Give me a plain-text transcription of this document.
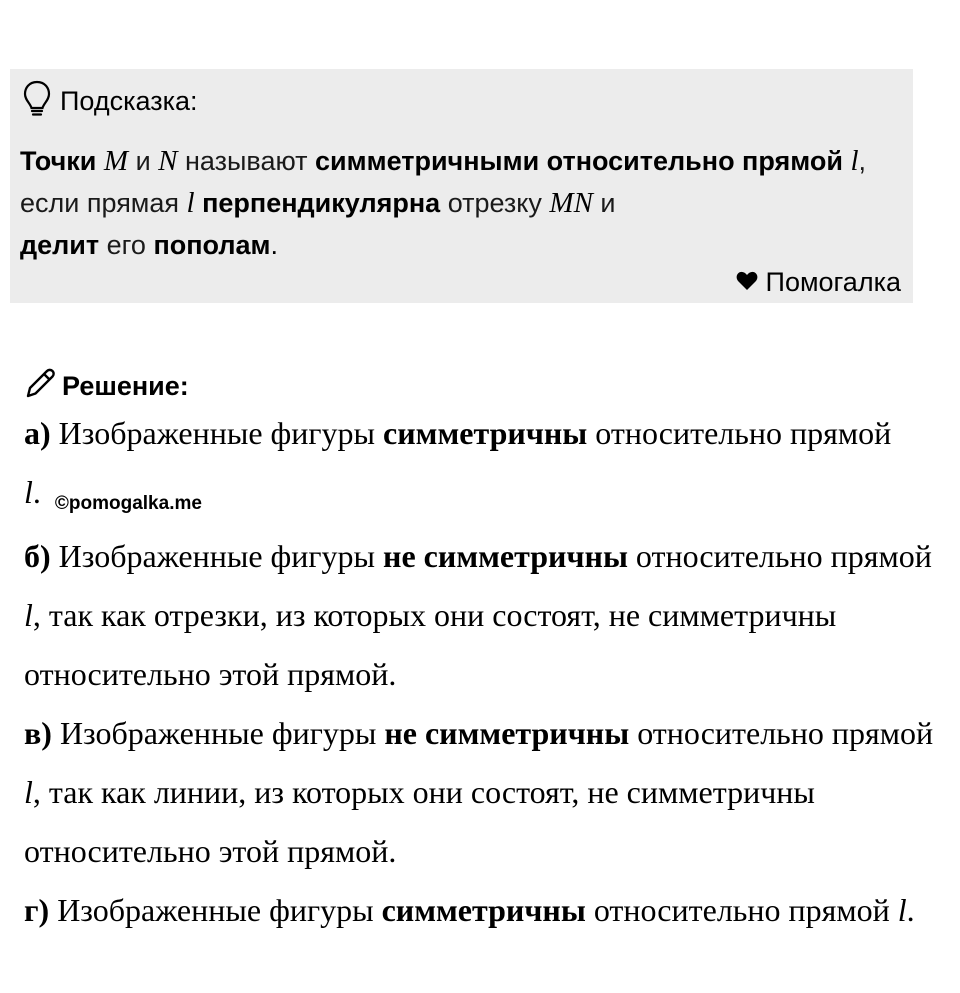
Подсказка:
Точки M и N называют симметричными относительно прямой l, если прямая l перпендикулярна отрезку MN и
делит его пополам.
Помогалка
Решение:
а) Изображенные фигуры симметричны относительно прямой l. ©pomogalka.me
б) Изображенные фигуры не симметричны относительно прямой l, так как отрезки, из которых они состоят, не симметричны относительно этой прямой.
в) Изображенные фигуры не симметричны относительно прямой l, так как линии, из которых они состоят, не симметричны относительно этой прямой.
г) Изображенные фигуры симметричны относительно прямой l.
